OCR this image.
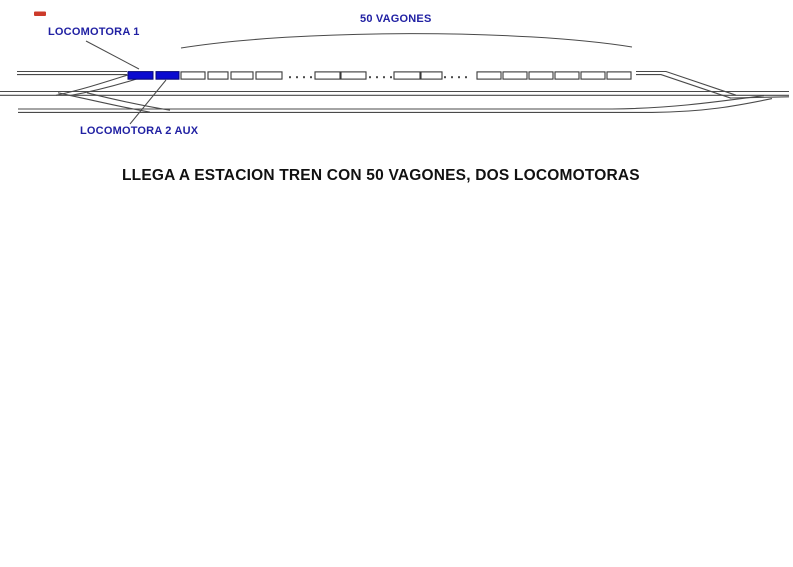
LOCOMOTORA 1
50 VAGONES
LOCOMOTORA 2 AUX
LLEGA A ESTACION TREN CON 50 VAGONES, DOS LOCOMOTORAS
